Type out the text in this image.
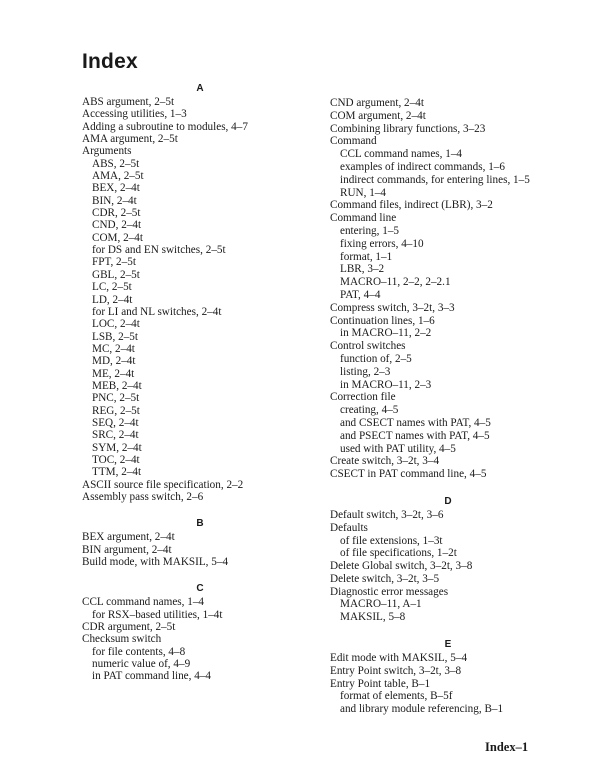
Index
A
ABS argument, 2–5t
Accessing utilities, 1–3
Adding a subroutine to modules, 4–7
AMA argument, 2–5t
Arguments
ABS, 2–5t
AMA, 2–5t
BEX, 2–4t
BIN, 2–4t
CDR, 2–5t
CND, 2–4t
COM, 2–4t
for DS and EN switches, 2–5t
FPT, 2–5t
GBL, 2–5t
LC, 2–5t
LD, 2–4t
for LI and NL switches, 2–4t
LOC, 2–4t
LSB, 2–5t
MC, 2–4t
MD, 2–4t
ME, 2–4t
MEB, 2–4t
PNC, 2–5t
REG, 2–5t
SEQ, 2–4t
SRC, 2–4t
SYM, 2–4t
TOC, 2–4t
TTM, 2–4t
ASCII source file specification, 2–2
Assembly pass switch, 2–6
B
BEX argument, 2–4t
BIN argument, 2–4t
Build mode, with MAKSIL, 5–4
C
CCL command names, 1–4
for RSX–based utilities, 1–4t
CDR argument, 2–5t
Checksum switch
for file contents, 4–8
numeric value of, 4–9
in PAT command line, 4–4
CND argument, 2–4t
COM argument, 2–4t
Combining library functions, 3–23
Command
CCL command names, 1–4
examples of indirect commands, 1–6
indirect commands, for entering lines, 1–5
RUN, 1–4
Command files, indirect (LBR), 3–2
Command line
entering, 1–5
fixing errors, 4–10
format, 1–1
LBR, 3–2
MACRO–11, 2–2, 2–2.1
PAT, 4–4
Compress switch, 3–2t, 3–3
Continuation lines, 1–6
in MACRO–11, 2–2
Control switches
function of, 2–5
listing, 2–3
in MACRO–11, 2–3
Correction file
creating, 4–5
and CSECT names with PAT, 4–5
and PSECT names with PAT, 4–5
used with PAT utility, 4–5
Create switch, 3–2t, 3–4
CSECT in PAT command line, 4–5
D
Default switch, 3–2t, 3–6
Defaults
of file extensions, 1–3t
of file specifications, 1–2t
Delete Global switch, 3–2t, 3–8
Delete switch, 3–2t, 3–5
Diagnostic error messages
MACRO–11, A–1
MAKSIL, 5–8
E
Edit mode with MAKSIL, 5–4
Entry Point switch, 3–2t, 3–8
Entry Point table, B–1
format of elements, B–5f
and library module referencing, B–1
Index–1
